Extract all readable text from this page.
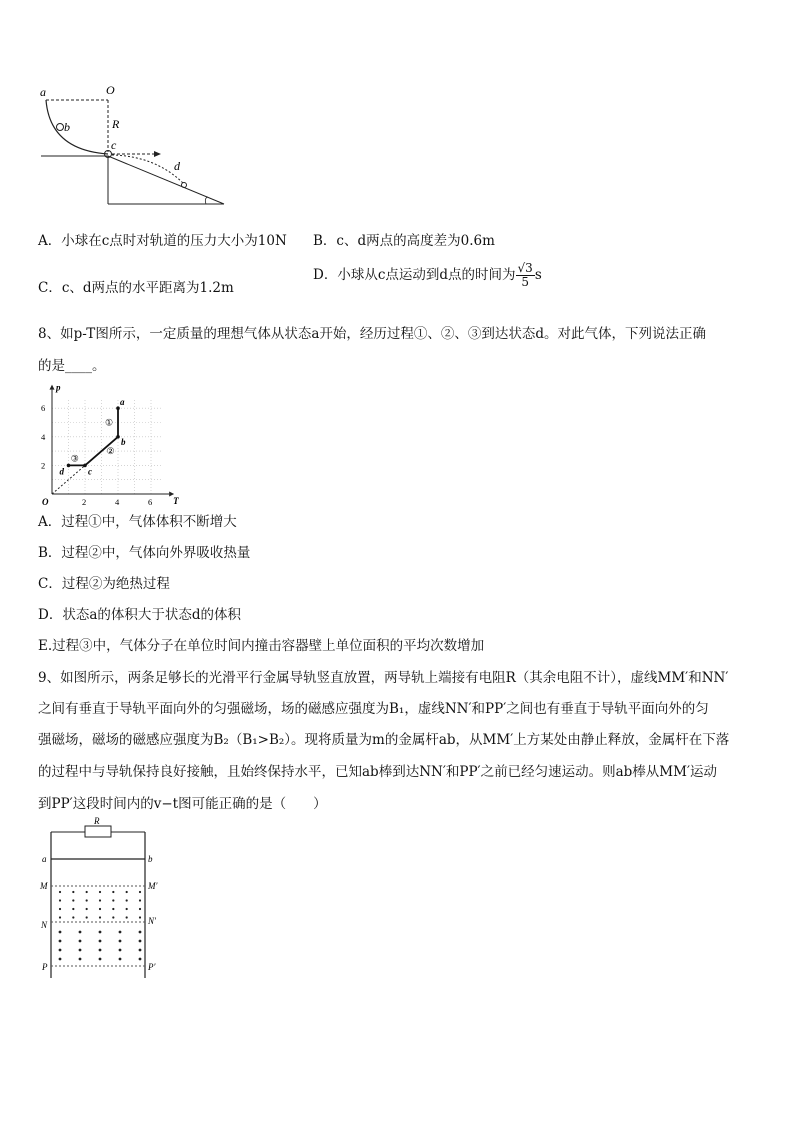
a
b
O
R
c
d
A．小球在c点时对轨道的压力大小为10N B．c、d两点的高度差为0.6m
C．c、d两点的水平距离为1.2m
D．小球从c点运动到d点的时间为 $\frac{√3}{5}$ s
8、如p-T图所示，一定质量的理想气体从状态a开始，经历过程①、②、③到达状态d。对此气体，下列说法正确
的是____。
O	T
p
2	4	6
2
4
6
①
②
③
a
b
c
d
A．过程①中，气体体积不断增大
B．过程②中，气体向外界吸收热量
C．过程②为绝热过程
D．状态a的体积大于状态d的体积
E.过程③中，气体分子在单位时间内撞击容器壁上单位面积的平均次数增加
9、如图所示，两条足够长的光滑平行金属导轨竖直放置，两导轨上端接有电阻R（其余电阻不计），虚线MM′和NN′
之间有垂直于导轨平面向外的匀强磁场，场的磁感应强度为B₁，虚线NN′和PP′之间也有垂直于导轨平面向外的匀
强磁场，磁场的磁感应强度为B₂（B₁>B₂）。现将质量为m的金属杆ab，从MM′上方某处由静止释放，金属杆在下落
的过程中与导轨保持良好接触，且始终保持水平，已知ab棒到达NN′和PP′之前已经匀速运动。则ab棒从MM′运动
到PP′这段时间内的v−t图可能正确的是（　　）
R
a	b
M	M′
N	N′
P	P′
